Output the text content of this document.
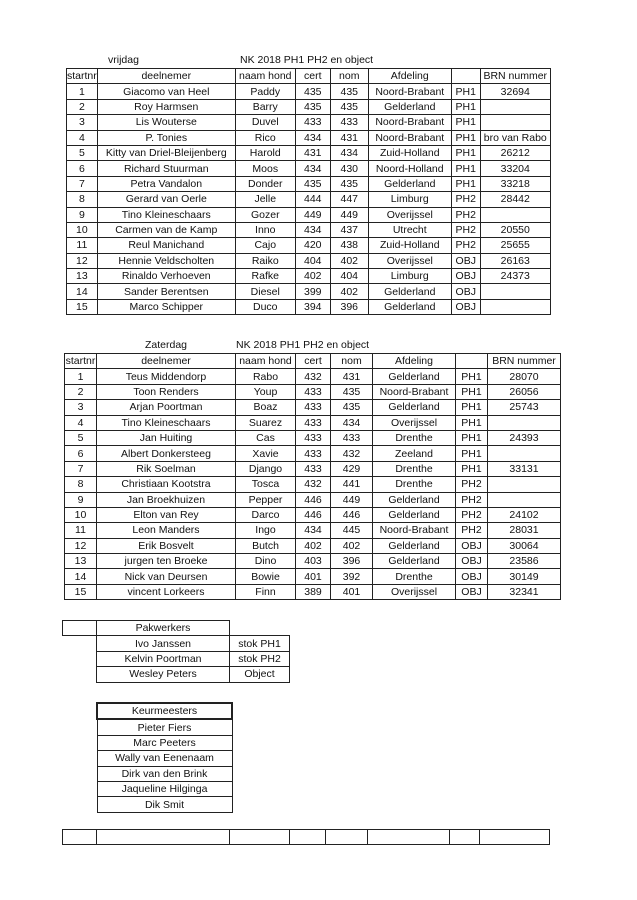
vrijdag	NK 2018 PH1 PH2 en object
startnr	deelnemer	naam hond	cert	nom	Afdeling		BRN nummer
1	Giacomo van Heel	Paddy	435	435	Noord-Brabant	PH1	32694
2	Roy Harmsen	Barry	435	435	Gelderland	PH1	
3	Lis Wouterse	Duvel	433	433	Noord-Brabant	PH1	
4	P. Tonies	Rico	434	431	Noord-Brabant	PH1	bro van Rabo
5	Kitty van Driel-Bleijenberg	Harold	431	434	Zuid-Holland	PH1	26212
6	Richard Stuurman	Moos	434	430	Noord-Holland	PH1	33204
7	Petra Vandalon	Donder	435	435	Gelderland	PH1	33218
8	Gerard van Oerle	Jelle	444	447	Limburg	PH2	28442
9	Tino Kleineschaars	Gozer	449	449	Overijssel	PH2	
10	Carmen van de Kamp	Inno	434	437	Utrecht	PH2	20550
11	Reul Manichand	Cajo	420	438	Zuid-Holland	PH2	25655
12	Hennie Veldscholten	Raiko	404	402	Overijssel	OBJ	26163
13	Rinaldo Verhoeven	Rafke	402	404	Limburg	OBJ	24373
14	Sander Berentsen	Diesel	399	402	Gelderland	OBJ	
15	Marco Schipper	Duco	394	396	Gelderland	OBJ	
Zaterdag	NK 2018 PH1 PH2 en object
startnr	deelnemer	naam hond	cert	nom	Afdeling		BRN nummer
1	Teus Middendorp	Rabo	432	431	Gelderland	PH1	28070
2	Toon Renders	Youp	433	435	Noord-Brabant	PH1	26056
3	Arjan Poortman	Boaz	433	435	Gelderland	PH1	25743
4	Tino Kleineschaars	Suarez	433	434	Overijssel	PH1	
5	Jan Huiting	Cas	433	433	Drenthe	PH1	24393
6	Albert Donkersteeg	Xavie	433	432	Zeeland	PH1	
7	Rik Soelman	Django	433	429	Drenthe	PH1	33131
8	Christiaan Kootstra	Tosca	432	441	Drenthe	PH2	
9	Jan Broekhuizen	Pepper	446	449	Gelderland	PH2	
10	Elton van Rey	Darco	446	446	Gelderland	PH2	24102
11	Leon Manders	Ingo	434	445	Noord-Brabant	PH2	28031
12	Erik Bosvelt	Butch	402	402	Gelderland	OBJ	30064
13	jurgen ten Broeke	Dino	403	396	Gelderland	OBJ	23586
14	Nick van Deursen	Bowie	401	392	Drenthe	OBJ	30149
15	vincent Lorkeers	Finn	389	401	Overijssel	OBJ	32341
	Pakwerkers	
	Ivo Janssen	stok PH1
	Kelvin Poortman	stok PH2
	Wesley Peters	Object
Keurmeesters
Pieter Fiers
Marc Peeters
Wally van Eenenaam
Dirk van den Brink
Jaqueline Hilginga
Dik Smit
